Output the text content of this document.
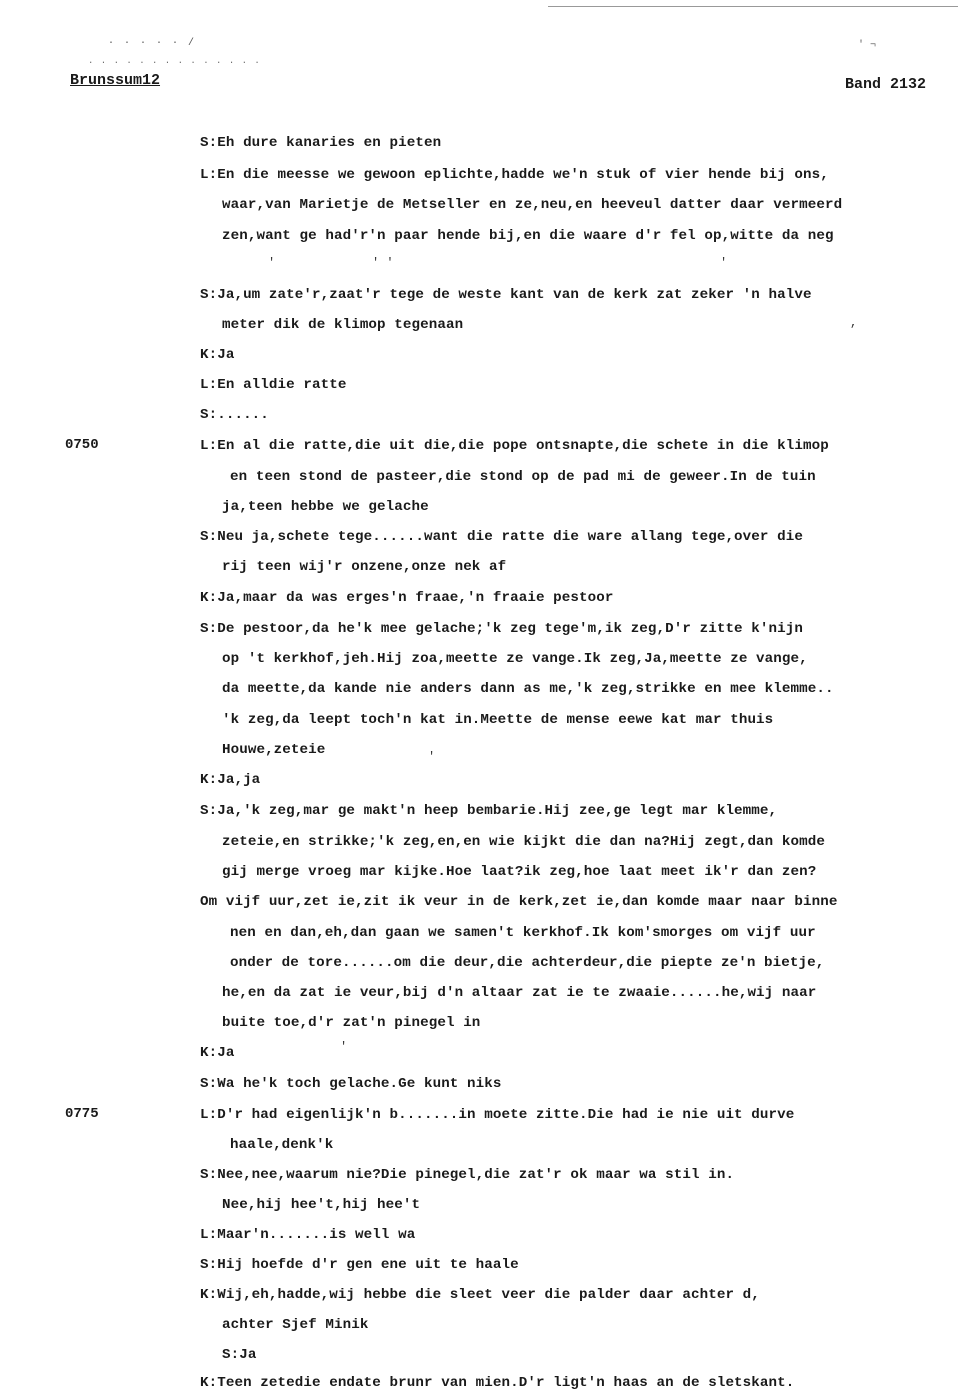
· · · · · /
· · · · · · · · · · · · · ·
' ¬
Brunssum12	Band 2132
0750
0775
S:Eh dure kanaries en pieten
L:En die meesse we gewoon eplichte,hadde we'n stuk of vier hende bij ons,
waar,van Marietje de Metseller en ze,neu,en heeveul datter daar vermeerd
zen,want ge had'r'n paar hende bij,en die waare d'r fel op,witte da neg
S:Ja,um zate'r,zaat'r tege de weste kant van de kerk zat zeker 'n halve
meter dik de klimop tegenaan
K:Ja
L:En alldie ratte
S:......
L:En al die ratte,die uit die,die pope ontsnapte,die schete in die klimop
en teen stond de pasteer,die stond op de pad mi de geweer.In de tuin
ja,teen hebbe we gelache
S:Neu ja,schete tege......want die ratte die ware allang tege,over die
rij teen wij'r onzene,onze nek af
K:Ja,maar da was erges'n fraae,'n fraaie pestoor
S:De pestoor,da he'k mee gelache;'k zeg tege'm,ik zeg,D'r zitte k'nijn
op 't kerkhof,jeh.Hij zoa,meette ze vange.Ik zeg,Ja,meette ze vange,
da meette,da kande nie anders dann as me,'k zeg,strikke en mee klemme..
'k zeg,da leept toch'n kat in.Meette de mense eewe kat mar thuis
Houwe,zeteie
K:Ja,ja
S:Ja,'k zeg,mar ge makt'n heep bembarie.Hij zee,ge legt mar klemme,
zeteie,en strikke;'k zeg,en,en wie kijkt die dan na?Hij zegt,dan komde
gij merge vroeg mar kijke.Hoe laat?ik zeg,hoe laat meet ik'r dan zen?
Om vijf uur,zet ie,zit ik veur in de kerk,zet ie,dan komde maar naar binne
nen en dan,eh,dan gaan we samen't kerkhof.Ik kom'smorges om vijf uur
onder de tore......om die deur,die achterdeur,die piepte ze'n bietje,
he,en da zat ie veur,bij d'n altaar zat ie te zwaaie......he,wij naar
buite toe,d'r zat'n pinegel in
K:Ja
S:Wa he'k toch gelache.Ge kunt niks
L:D'r had eigenlijk'n b.......in moete zitte.Die had ie nie uit durve
haale,denk'k
S:Nee,nee,waarum nie?Die pinegel,die zat'r ok maar wa stil in.
Nee,hij hee't,hij hee't
L:Maar'n.......is well wa
S:Hij hoefde d'r gen ene uit te haale
K:Wij,eh,hadde,wij hebbe die sleet veer die palder daar achter d,
achter Sjef Minik
S:Ja
K:Teen zetedie endate brunr van mien.D'r ligt'n haas an de sletskant.
'	' '	'
,
'
'
